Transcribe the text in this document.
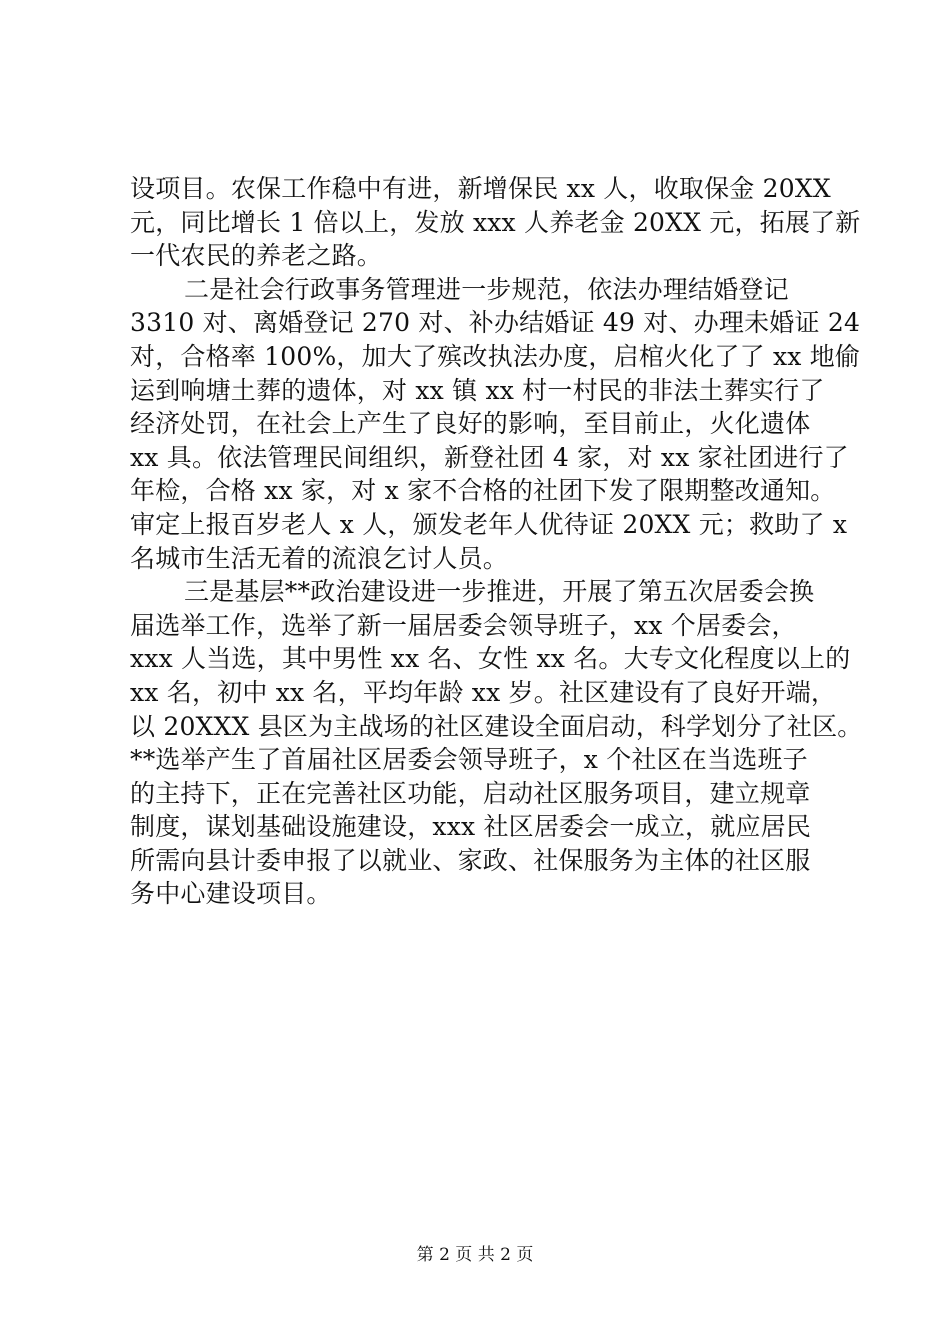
设项目。农保工作稳中有进，新增保民 xx 人，收取保金 20XX
元，同比增长 1 倍以上，发放 xxx 人养老金 20XX 元，拓展了新
一代农民的养老之路。
二是社会行政事务管理进一步规范，依法办理结婚登记
3310 对、离婚登记 270 对、补办结婚证 49 对、办理未婚证 24
对，合格率 100%，加大了殡改执法办度，启棺火化了了 xx 地偷
运到响塘土葬的遗体，对 xx 镇 xx 村一村民的非法土葬实行了
经济处罚，在社会上产生了良好的影响，至目前止，火化遗体
xx 具。依法管理民间组织，新登社团 4 家，对 xx 家社团进行了
年检，合格 xx 家，对 x 家不合格的社团下发了限期整改通知。
审定上报百岁老人 x 人，颁发老年人优待证 20XX 元；救助了 x
名城市生活无着的流浪乞讨人员。
三是基层**政治建设进一步推进，开展了第五次居委会换
届选举工作，选举了新一届居委会领导班子，xx 个居委会，
xxx 人当选，其中男性 xx 名、女性 xx 名。大专文化程度以上的
xx 名，初中 xx 名，平均年龄 xx 岁。社区建设有了良好开端，
以 20XXX 县区为主战场的社区建设全面启动，科学划分了社区。
**选举产生了首届社区居委会领导班子，x 个社区在当选班子
的主持下，正在完善社区功能，启动社区服务项目，建立规章
制度，谋划基础设施建设，xxx 社区居委会一成立，就应居民
所需向县计委申报了以就业、家政、社保服务为主体的社区服
务中心建设项目。
第 2 页 共 2 页
